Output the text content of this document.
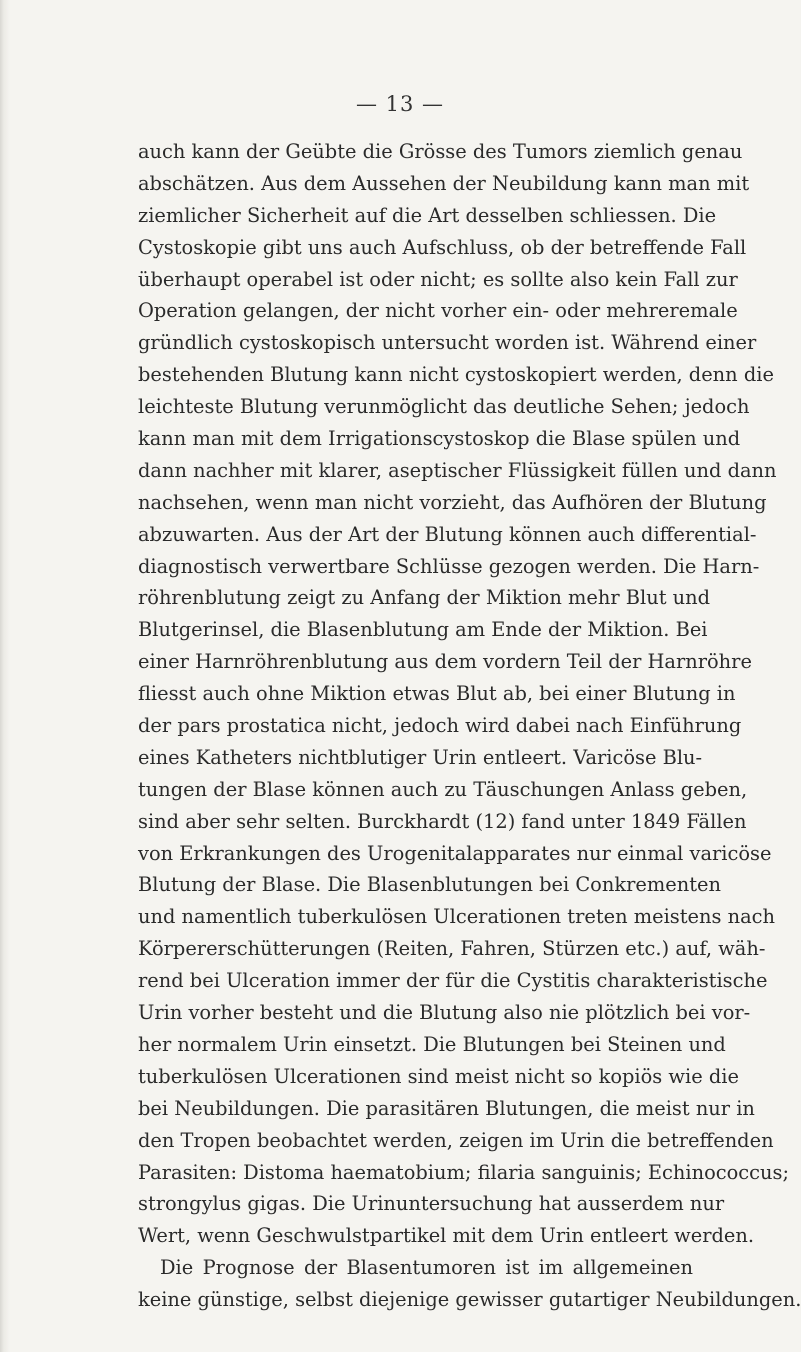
— 13 —
auch kann der Geübte die Grösse des Tumors ziemlich genau
abschätzen. Aus dem Aussehen der Neubildung kann man mit
ziemlicher Sicherheit auf die Art desselben schliessen. Die
Cystoskopie gibt uns auch Aufschluss, ob der betreffende Fall
überhaupt operabel ist oder nicht; es sollte also kein Fall zur
Operation gelangen, der nicht vorher ein- oder mehreremale
gründlich cystoskopisch untersucht worden ist. Während einer
bestehenden Blutung kann nicht cystoskopiert werden, denn die
leichteste Blutung verunmöglicht das deutliche Sehen; jedoch
kann man mit dem Irrigationscystoskop die Blase spülen und
dann nachher mit klarer, aseptischer Flüssigkeit füllen und dann
nachsehen, wenn man nicht vorzieht, das Aufhören der Blutung
abzuwarten. Aus der Art der Blutung können auch differential-
diagnostisch verwertbare Schlüsse gezogen werden. Die Harn-
röhrenblutung zeigt zu Anfang der Miktion mehr Blut und
Blutgerinsel, die Blasenblutung am Ende der Miktion. Bei
einer Harnröhrenblutung aus dem vordern Teil der Harnröhre
fliesst auch ohne Miktion etwas Blut ab, bei einer Blutung in
der pars prostatica nicht, jedoch wird dabei nach Einführung
eines Katheters nichtblutiger Urin entleert. Varicöse Blu-
tungen der Blase können auch zu Täuschungen Anlass geben,
sind aber sehr selten. Burckhardt (12) fand unter 1849 Fällen
von Erkrankungen des Urogenitalapparates nur einmal varicöse
Blutung der Blase. Die Blasenblutungen bei Conkrementen
und namentlich tuberkulösen Ulcerationen treten meistens nach
Körpererschütterungen (Reiten, Fahren, Stürzen etc.) auf, wäh-
rend bei Ulceration immer der für die Cystitis charakteristische
Urin vorher besteht und die Blutung also nie plötzlich bei vor-
her normalem Urin einsetzt. Die Blutungen bei Steinen und
tuberkulösen Ulcerationen sind meist nicht so kopiös wie die
bei Neubildungen. Die parasitären Blutungen, die meist nur in
den Tropen beobachtet werden, zeigen im Urin die betreffenden
Parasiten: Distoma haematobium; filaria sanguinis; Echinococcus;
strongylus gigas. Die Urinuntersuchung hat ausserdem nur
Wert, wenn Geschwulstpartikel mit dem Urin entleert werden.
Die Prognose der Blasentumoren ist im allgemeinen
keine günstige, selbst diejenige gewisser gutartiger Neubildungen.
